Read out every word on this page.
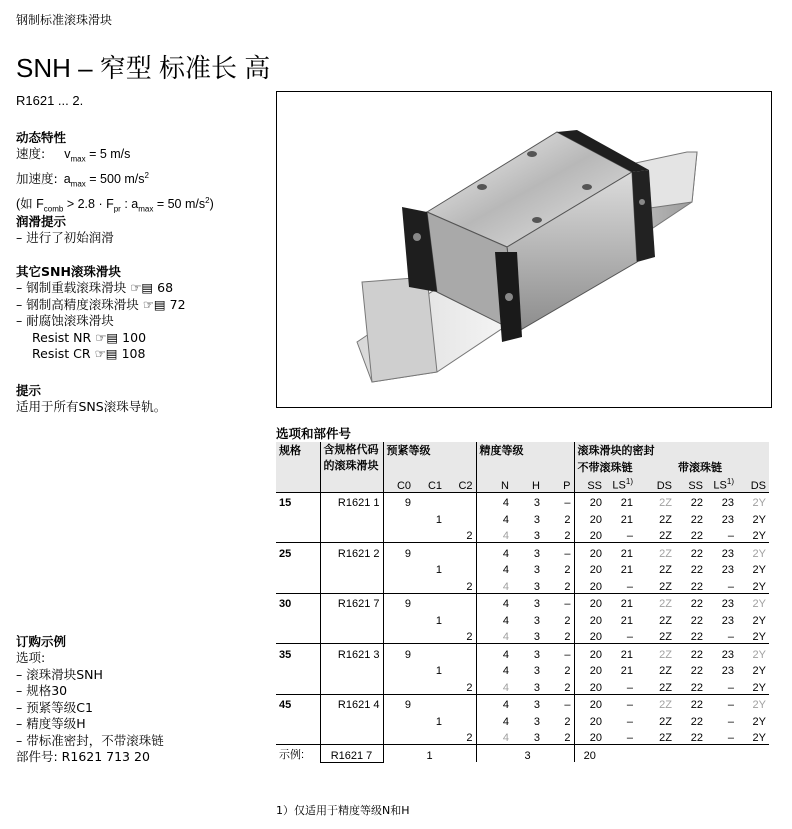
钢制标准滚珠滑块
SNH – 窄型 标准长 高
R1621 ... 2.
动态特性
速度: $v_{max} = 5$ m/s
加速度: $a_{max} = 500$ $m/s^2$
(如 $F_{comb} > 2.8 \cdot F_{pr}$ : $a_{max} = 50$ $m/s^2$)
润滑提示
– 进行了初始润滑
其它SNH滚珠滑块
– 钢制重载滚珠滑块 ☞▤ 68
– 钢制高精度滚珠滑块 ☞▤ 72
– 耐腐蚀滚珠滑块
Resist NR ☞▤ 100
Resist CR ☞▤ 108
提示
适用于所有SNS滚珠导轨。
订购示例
选项:
– 滚珠滑块SNH
– 规格30
– 预紧等级C1
– 精度等级H
– 带标准密封，不带滚珠链
部件号: R1621 713 20
选项和部件号
规格	含规格代码的滚珠滑块	预紧等级			精度等级			滚珠滑块的密封					
								不带滚珠链			带滚珠链		
		C0	C1	C2	N	H	P	SS	LS$^{1)}$	DS	SS	LS$^{1)}$	DS
15	R1621 1	9			4	3	–	20	21	2Z	22	23	2Y
			1		4	3	2	20	21	2Z	22	23	2Y
				2	4	3	2	20	–	2Z	22	–	2Y
25	R1621 2	9			4	3	–	20	21	2Z	22	23	2Y
			1		4	3	2	20	21	2Z	22	23	2Y
				2	4	3	2	20	–	2Z	22	–	2Y
30	R1621 7	9			4	3	–	20	21	2Z	22	23	2Y
			1		4	3	2	20	21	2Z	22	23	2Y
				2	4	3	2	20	–	2Z	22	–	2Y
35	R1621 3	9			4	3	–	20	21	2Z	22	23	2Y
			1		4	3	2	20	21	2Z	22	23	2Y
				2	4	3	2	20	–	2Z	22	–	2Y
45	R1621 4	9			4	3	–	20	–	2Z	22	–	2Y
			1		4	3	2	20	–	2Z	22	–	2Y
				2	4	3	2	20	–	2Z	22	–	2Y
示例:	R1621 7		1			3		20					
1）仅适用于精度等级N和H
